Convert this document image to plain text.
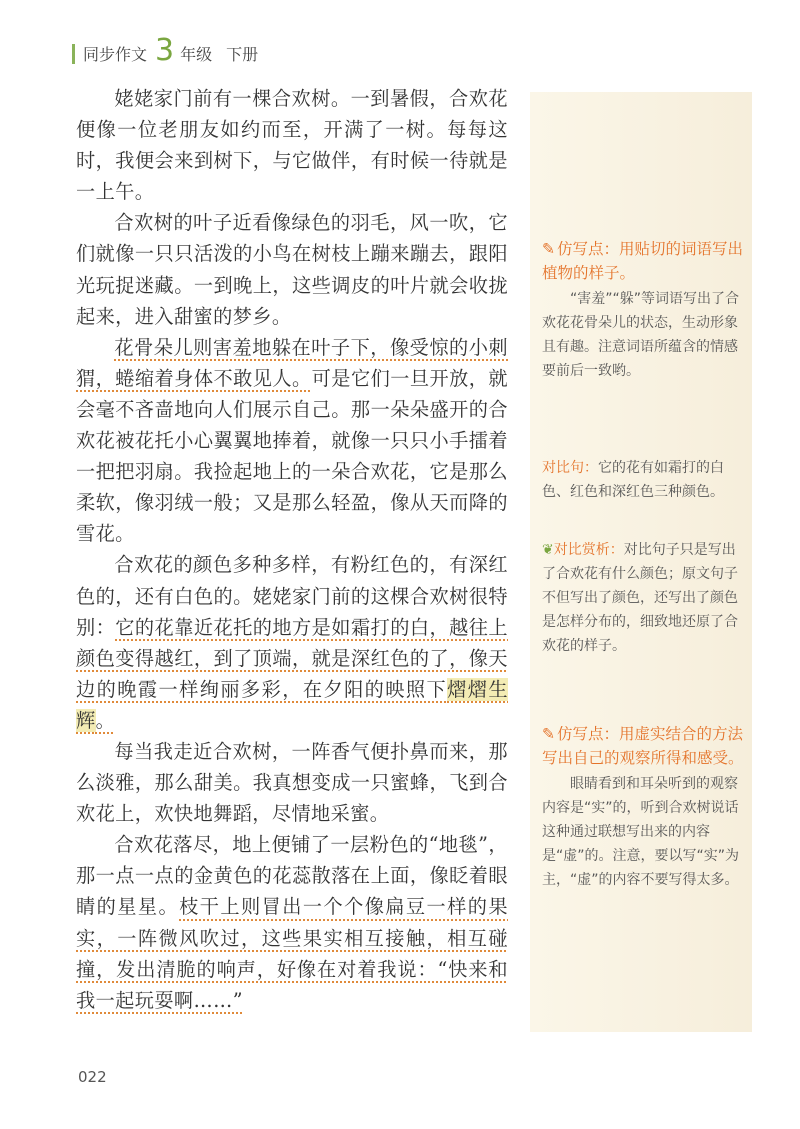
同步作文 3 年级 下册

姥姥家门前有一棵合欢树。一到暑假，合欢花便像一位老朋友如约而至，开满了一树。每每这时，我便会来到树下，与它做伴，有时候一待就是一上午。

合欢树的叶子近看像绿色的羽毛，风一吹，它们就像一只只活泼的小鸟在树枝上蹦来蹦去，跟阳光玩捉迷藏。一到晚上，这些调皮的叶片就会收拢起来，进入甜蜜的梦乡。

花骨朵儿则害羞地躲在叶子下，像受惊的小刺猬，蜷缩着身体不敢见人。可是它们一旦开放，就会毫不吝啬地向人们展示自己。那一朵朵盛开的合欢花被花托小心翼翼地捧着，就像一只只小手擂着一把把羽扇。我捡起地上的一朵合欢花，它是那么柔软，像羽绒一般；又是那么轻盈，像从天而降的雪花。

合欢花的颜色多种多样，有粉红色的，有深红色的，还有白色的。姥姥家门前的这棵合欢树很特别：它的花靠近花托的地方是如霜打的白，越往上颜色变得越红，到了顶端，就是深红色的了，像天边的晚霞一样绚丽多彩，在夕阳的映照下熠熠生辉。

每当我走近合欢树，一阵香气便扑鼻而来，那么淡雅，那么甜美。我真想变成一只蜜蜂，飞到合欢花上，欢快地舞蹈，尽情地采蜜。

合欢花落尽，地上便铺了一层粉色的“地毯”，那一点一点的金黄色的花蕊散落在上面，像眨着眼睛的星星。枝干上则冒出一个个像扁豆一样的果实，一阵微风吹过，这些果实相互接触，相互碰撞，发出清脆的响声，好像在对着我说：“快来和我一起玩耍啊……”

✎ 仿写点：用贴切的词语写出植物的样子。
“害羞”“躲”等词语写出了合欢花花骨朵儿的状态，生动形象且有趣。注意词语所蕴含的情感要前后一致哟。
对比句：它的花有如霜打的白色、红色和深红色三种颜色。
❦对比赏析：对比句子只是写出了合欢花有什么颜色；原文句子不但写出了颜色，还写出了颜色是怎样分布的，细致地还原了合欢花的样子。
✎ 仿写点：用虚实结合的方法写出自己的观察所得和感受。
眼睛看到和耳朵听到的观察内容是“实”的，听到合欢树说话这种通过联想写出来的内容是“虚”的。注意，要以写“实”为主，“虚”的内容不要写得太多。
022
